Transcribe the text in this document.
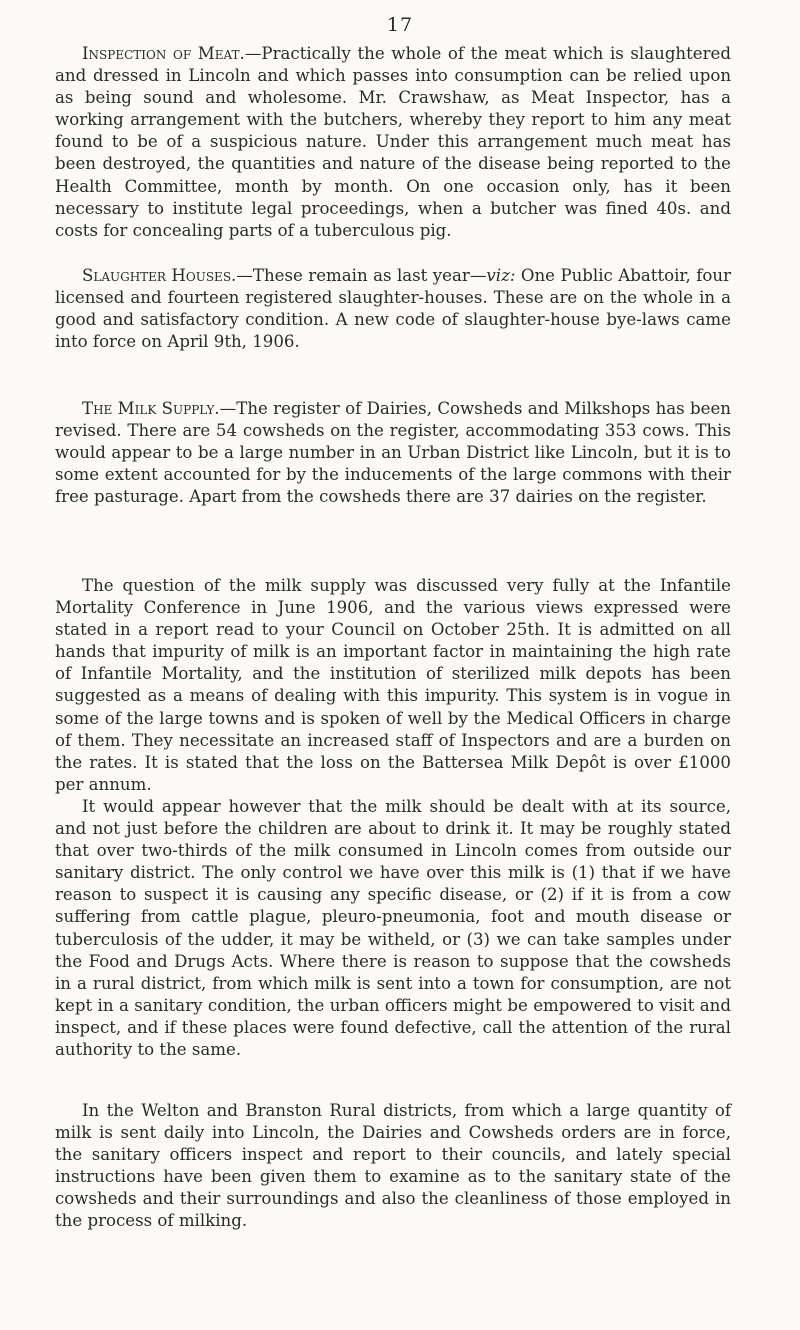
17

Inspection of Meat.—Practically the whole of the meat which is slaughtered and dressed in Lincoln and which passes into consumption can be relied upon as being sound and wholesome. Mr. Crawshaw, as Meat Inspector, has a working arrangement with the butchers, whereby they report to him any meat found to be of a suspicious nature. Under this arrangement much meat has been destroyed, the quantities and nature of the disease being reported to the Health Committee, month by month. On one occasion only, has it been necessary to institute legal proceedings, when a butcher was fined 40s. and costs for concealing parts of a tuberculous pig.

Slaughter Houses.—These remain as last year—viz: One Public Abattoir, four licensed and fourteen registered slaughter-houses. These are on the whole in a good and satisfactory condition. A new code of slaughter-house bye-laws came into force on April 9th, 1906.

The Milk Supply.—The register of Dairies, Cowsheds and Milkshops has been revised. There are 54 cowsheds on the register, accommodating 353 cows. This would appear to be a large number in an Urban District like Lincoln, but it is to some extent accounted for by the inducements of the large commons with their free pasturage. Apart from the cowsheds there are 37 dairies on the register.

The question of the milk supply was discussed very fully at the Infantile Mortality Conference in June 1906, and the various views expressed were stated in a report read to your Council on October 25th. It is admitted on all hands that impurity of milk is an important factor in maintaining the high rate of Infantile Mortality, and the institution of sterilized milk depots has been suggested as a means of dealing with this impurity. This system is in vogue in some of the large towns and is spoken of well by the Medical Officers in charge of them. They necessitate an increased staff of Inspectors and are a burden on the rates. It is stated that the loss on the Battersea Milk Depôt is over £1000 per annum.

It would appear however that the milk should be dealt with at its source, and not just before the children are about to drink it. It may be roughly stated that over two-thirds of the milk consumed in Lincoln comes from outside our sanitary district. The only control we have over this milk is (1) that if we have reason to suspect it is causing any specific disease, or (2) if it is from a cow suffering from cattle plague, pleuro-pneumonia, foot and mouth disease or tuberculosis of the udder, it may be witheld, or (3) we can take samples under the Food and Drugs Acts. Where there is reason to suppose that the cowsheds in a rural district, from which milk is sent into a town for consumption, are not kept in a sanitary condition, the urban officers might be empowered to visit and inspect, and if these places were found defective, call the attention of the rural authority to the same.

In the Welton and Branston Rural districts, from which a large quantity of milk is sent daily into Lincoln, the Dairies and Cowsheds orders are in force, the sanitary officers inspect and report to their councils, and lately special instructions have been given them to examine as to the sanitary state of the cowsheds and their surroundings and also the cleanliness of those employed in the process of milking.
